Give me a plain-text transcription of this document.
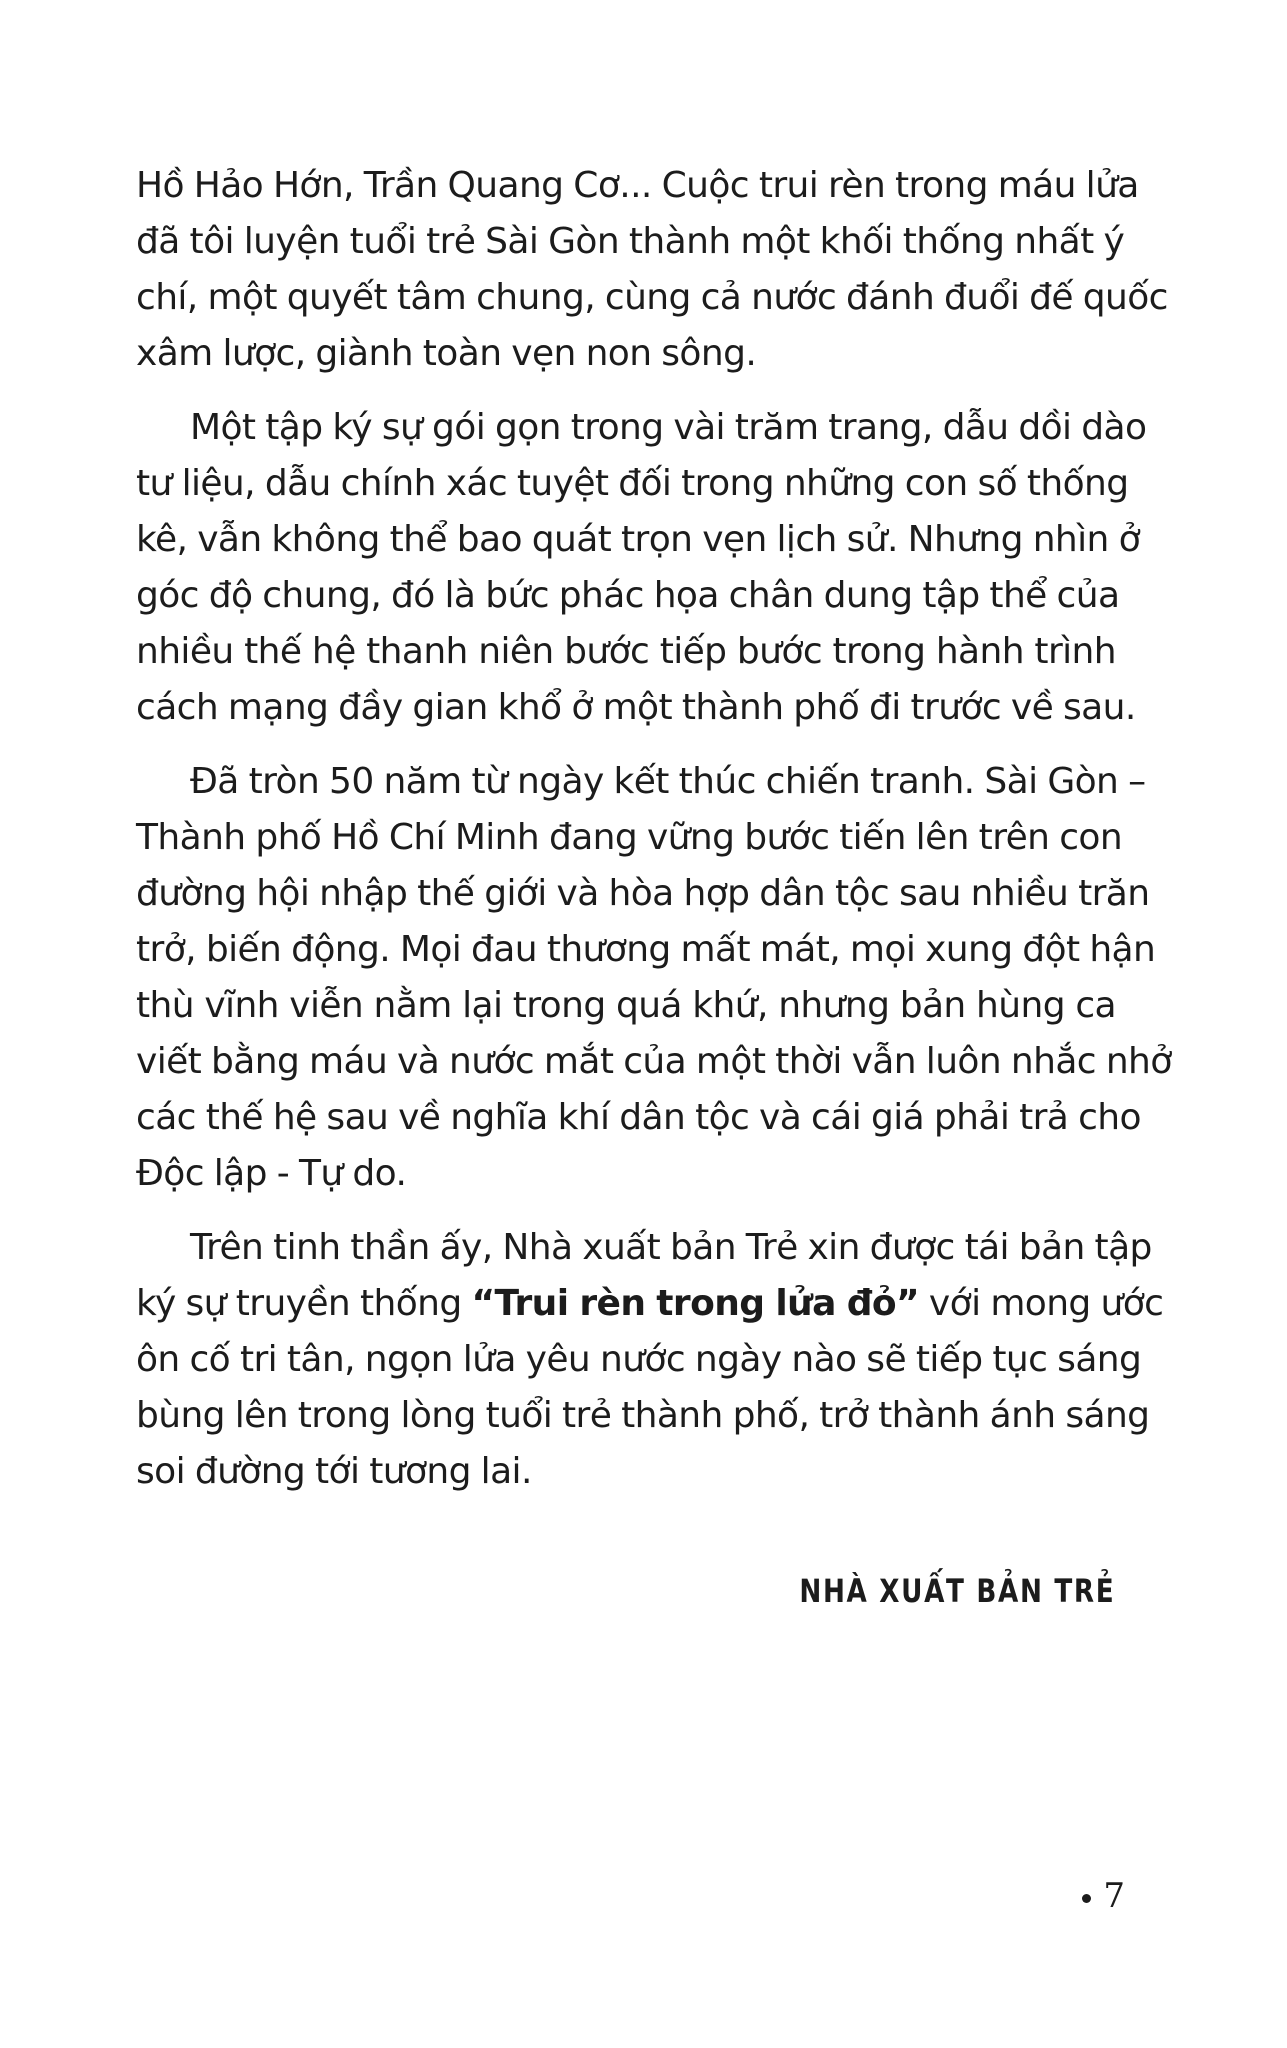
Hồ Hảo Hớn, Trần Quang Cơ... Cuộc trui rèn trong máu lửa
đã tôi luyện tuổi trẻ Sài Gòn thành một khối thống nhất ý
chí, một quyết tâm chung, cùng cả nước đánh đuổi đế quốc
xâm lược, giành toàn vẹn non sông.

Một tập ký sự gói gọn trong vài trăm trang, dẫu dồi dào
tư liệu, dẫu chính xác tuyệt đối trong những con số thống
kê, vẫn không thể bao quát trọn vẹn lịch sử. Nhưng nhìn ở
góc độ chung, đó là bức phác họa chân dung tập thể của
nhiều thế hệ thanh niên bước tiếp bước trong hành trình
cách mạng đầy gian khổ ở một thành phố đi trước về sau.

Đã tròn 50 năm từ ngày kết thúc chiến tranh. Sài Gòn –
Thành phố Hồ Chí Minh đang vững bước tiến lên trên con
đường hội nhập thế giới và hòa hợp dân tộc sau nhiều trăn
trở, biến động. Mọi đau thương mất mát, mọi xung đột hận
thù vĩnh viễn nằm lại trong quá khứ, nhưng bản hùng ca
viết bằng máu và nước mắt của một thời vẫn luôn nhắc nhở
các thế hệ sau về nghĩa khí dân tộc và cái giá phải trả cho
Độc lập - Tự do.

Trên tinh thần ấy, Nhà xuất bản Trẻ xin được tái bản tập
ký sự truyền thống “Trui rèn trong lửa đỏ” với mong ước
ôn cố tri tân, ngọn lửa yêu nước ngày nào sẽ tiếp tục sáng
bùng lên trong lòng tuổi trẻ thành phố, trở thành ánh sáng
soi đường tới tương lai.

NHÀ XUẤT BẢN TRẺ
7
